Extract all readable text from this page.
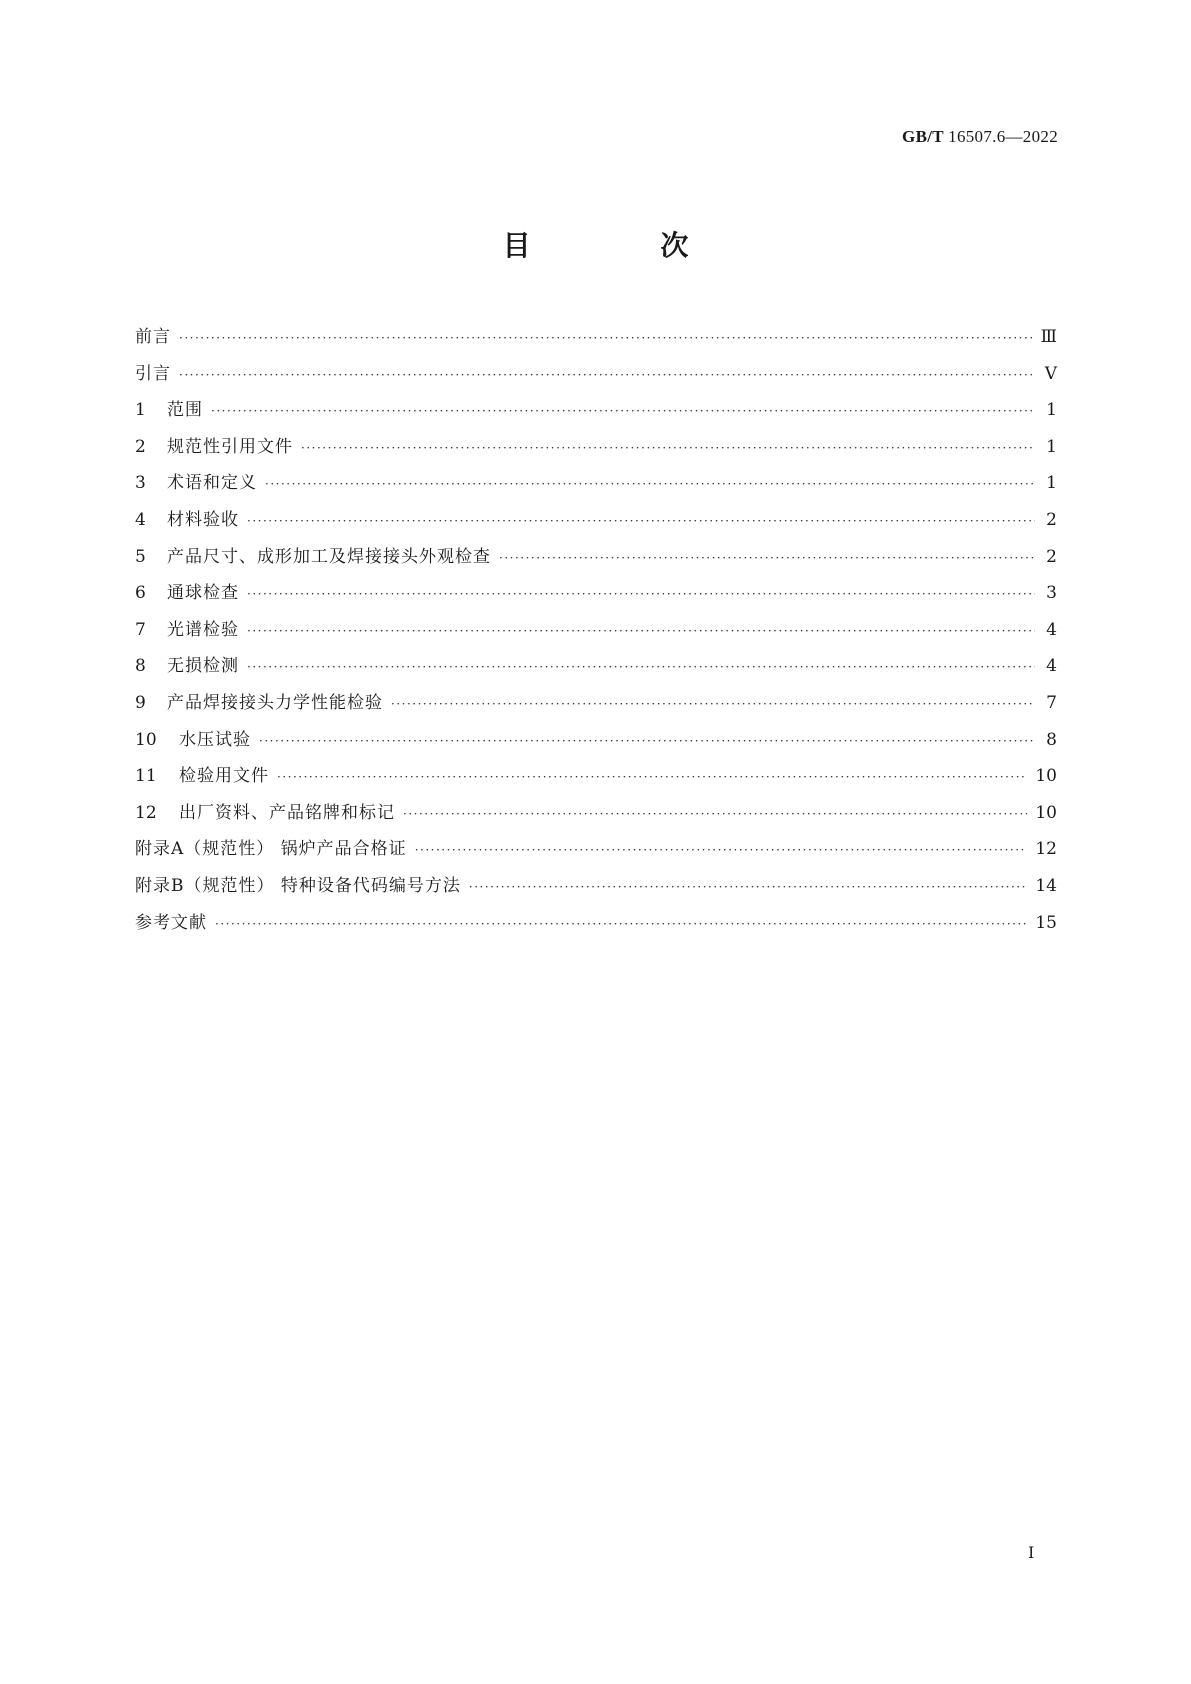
GB/T 16507.6—2022
目 次
前言 ·····	Ⅲ
引言 ·····	Ⅴ
1	范围 ·····	1
2	规范性引用文件 ·····	1
3	术语和定义 ·····	1
4	材料验收 ·····	2
5	产品尺寸、成形加工及焊接接头外观检查 ·····	2
6	通球检查 ·····	3
7	光谱检验 ·····	4
8	无损检测 ·····	4
9	产品焊接接头力学性能检验 ·····	7
10	水压试验 ·····	8
11	检验用文件 ·····	10
12	出厂资料、产品铭牌和标记 ·····	10
附录A（规范性） 锅炉产品合格证 ·····	12
附录B（规范性） 特种设备代码编号方法 ·····	14
参考文献 ·····	15
Ⅰ
